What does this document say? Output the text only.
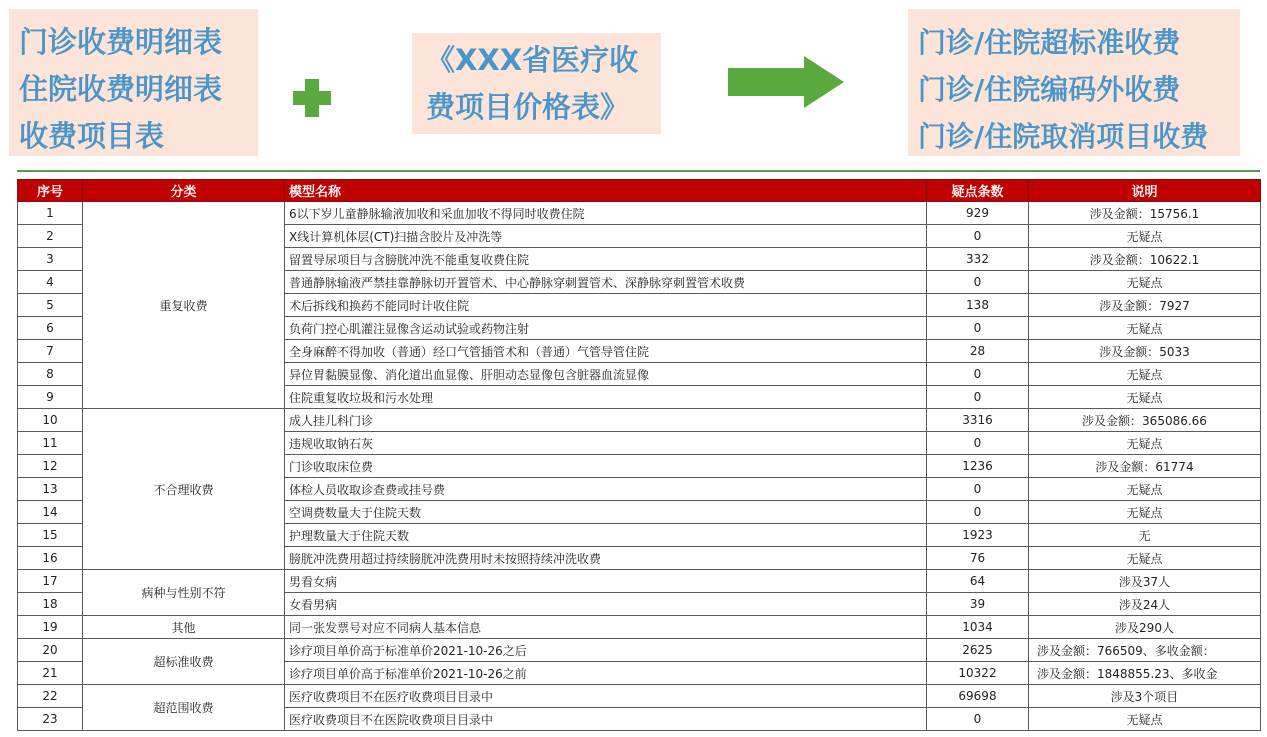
门诊收费明细表
住院收费明细表
收费项目表
《XXX省医疗收
费项目价格表》
门诊/住院超标准收费
门诊/住院编码外收费
门诊/住院取消项目收费
序号	分类	模型名称	疑点条数	说明
1	重复收费	6以下岁儿童静脉输液加收和采血加收不得同时收费住院	929	涉及金额：15756.1
2		X线计算机体层(CT)扫描含胶片及冲洗等	0	无疑点
3		留置导尿项目与含膀胱冲洗不能重复收费住院	332	涉及金额：10622.1
4		普通静脉输液严禁挂靠静脉切开置管术、中心静脉穿刺置管术、深静脉穿刺置管术收费	0	无疑点
5		术后拆线和换药不能同时计收住院	138	涉及金额：7927
6		负荷门控心肌灌注显像含运动试验或药物注射	0	无疑点
7		全身麻醉不得加收（普通）经口气管插管术和（普通）气管导管住院	28	涉及金额：5033
8		异位胃黏膜显像、消化道出血显像、肝胆动态显像包含脏器血流显像	0	无疑点
9		住院重复收垃圾和污水处理	0	无疑点
10	不合理收费	成人挂儿科门诊	3316	涉及金额：365086.66
11		违规收取钠石灰	0	无疑点
12		门诊收取床位费	1236	涉及金额：61774
13		体检人员收取诊查费或挂号费	0	无疑点
14		空调费数量大于住院天数	0	无疑点
15		护理数量大于住院天数	1923	无
16		膀胱冲洗费用超过持续膀胱冲洗费用时未按照持续冲洗收费	76	无疑点
17	病种与性别不符	男看女病	64	涉及37人
18		女看男病	39	涉及24人
19	其他	同一张发票号对应不同病人基本信息	1034	涉及290人
20	超标准收费	诊疗项目单价高于标准单价2021-10-26之后	2625	涉及金额：766509、多收金额：
21		诊疗项目单价高于标准单价2021-10-26之前	10322	涉及金额：1848855.23、多收金
22	超范围收费	医疗收费项目不在医疗收费项目目录中	69698	涉及3个项目
23		医疗收费项目不在医院收费项目目录中	0	无疑点
